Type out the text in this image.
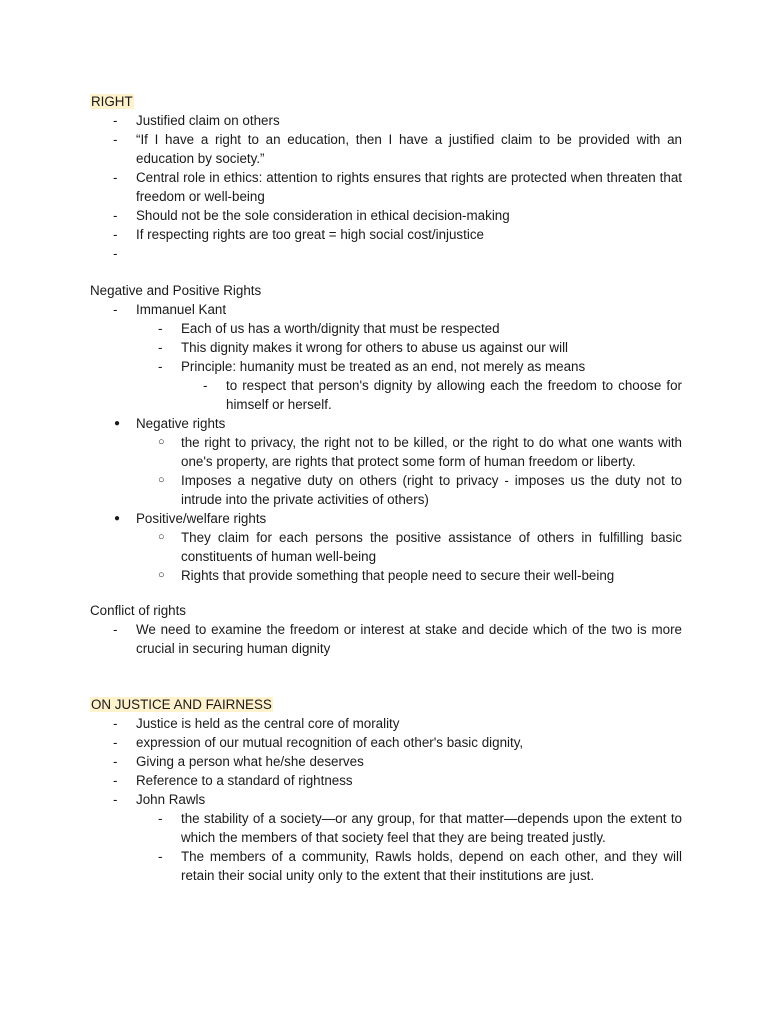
RIGHT
- Justified claim on others
- “If I have a right to an education, then I have a justified claim to be provided with an education by society.”
- Central role in ethics: attention to rights ensures that rights are protected when threaten that freedom or well-being
- Should not be the sole consideration in ethical decision-making
- If respecting rights are too great = high social cost/injustice
-
Negative and Positive Rights
- Immanuel Kant
- Each of us has a worth/dignity that must be respected
- This dignity makes it wrong for others to abuse us against our will
- Principle: humanity must be treated as an end, not merely as means
- to respect that person's dignity by allowing each the freedom to choose for himself or herself.
● Negative rights
○ the right to privacy, the right not to be killed, or the right to do what one wants with one's property, are rights that protect some form of human freedom or liberty.
○ Imposes a negative duty on others (right to privacy - imposes us the duty not to intrude into the private activities of others)
● Positive/welfare rights
○ They claim for each persons the positive assistance of others in fulfilling basic constituents of human well-being
○ Rights that provide something that people need to secure their well-being
Conflict of rights
- We need to examine the freedom or interest at stake and decide which of the two is more crucial in securing human dignity
ON JUSTICE AND FAIRNESS
- Justice is held as the central core of morality
- expression of our mutual recognition of each other's basic dignity,
- Giving a person what he/she deserves
- Reference to a standard of rightness
- John Rawls
- the stability of a society—or any group, for that matter—depends upon the extent to which the members of that society feel that they are being treated justly.
- The members of a community, Rawls holds, depend on each other, and they will retain their social unity only to the extent that their institutions are just.
